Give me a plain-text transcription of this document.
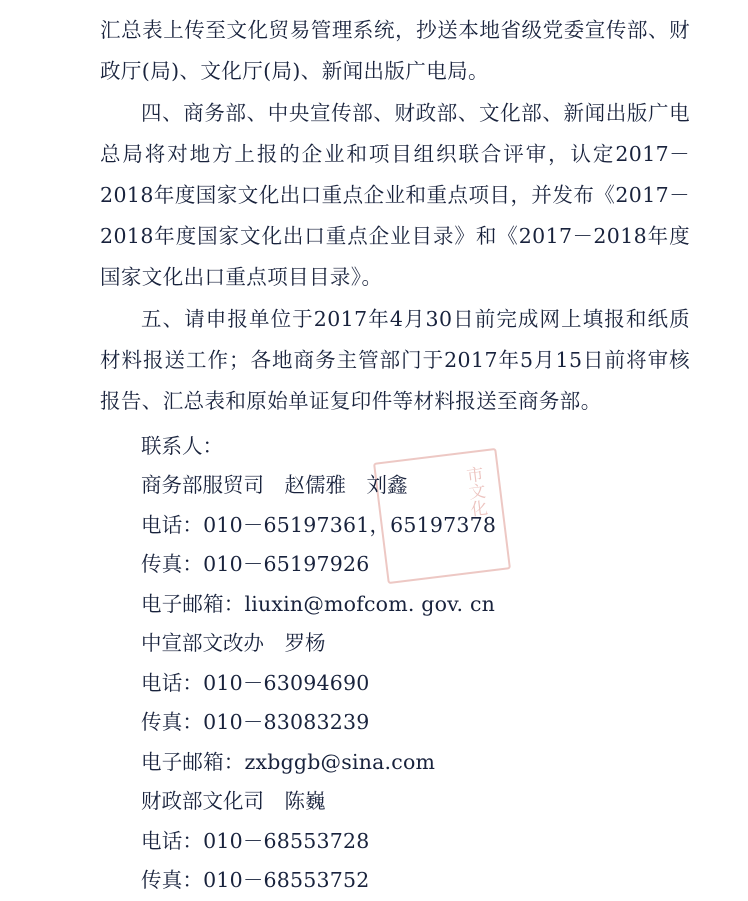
市文化

汇总表上传至文化贸易管理系统，抄送本地省级党委宣传部、财政厅(局)、文化厅(局)、新闻出版广电局。

四、商务部、中央宣传部、财政部、文化部、新闻出版广电总局将对地方上报的企业和项目组织联合评审，认定2017－2018年度国家文化出口重点企业和重点项目，并发布《2017－2018年度国家文化出口重点企业目录》和《2017－2018年度国家文化出口重点项目目录》。

五、请申报单位于2017年4月30日前完成网上填报和纸质材料报送工作；各地商务主管部门于2017年5月15日前将审核报告、汇总表和原始单证复印件等材料报送至商务部。

联系人：

商务部服贸司　赵儒雅　刘鑫
电话：010－65197361，65197378
传真：010－65197926
电子邮箱：liuxin@mofcom. gov. cn
中宣部文改办　罗杨
电话：010－63094690
传真：010－83083239
电子邮箱：zxbggb@sina.com
财政部文化司　陈巍
电话：010－68553728
传真：010－68553752
